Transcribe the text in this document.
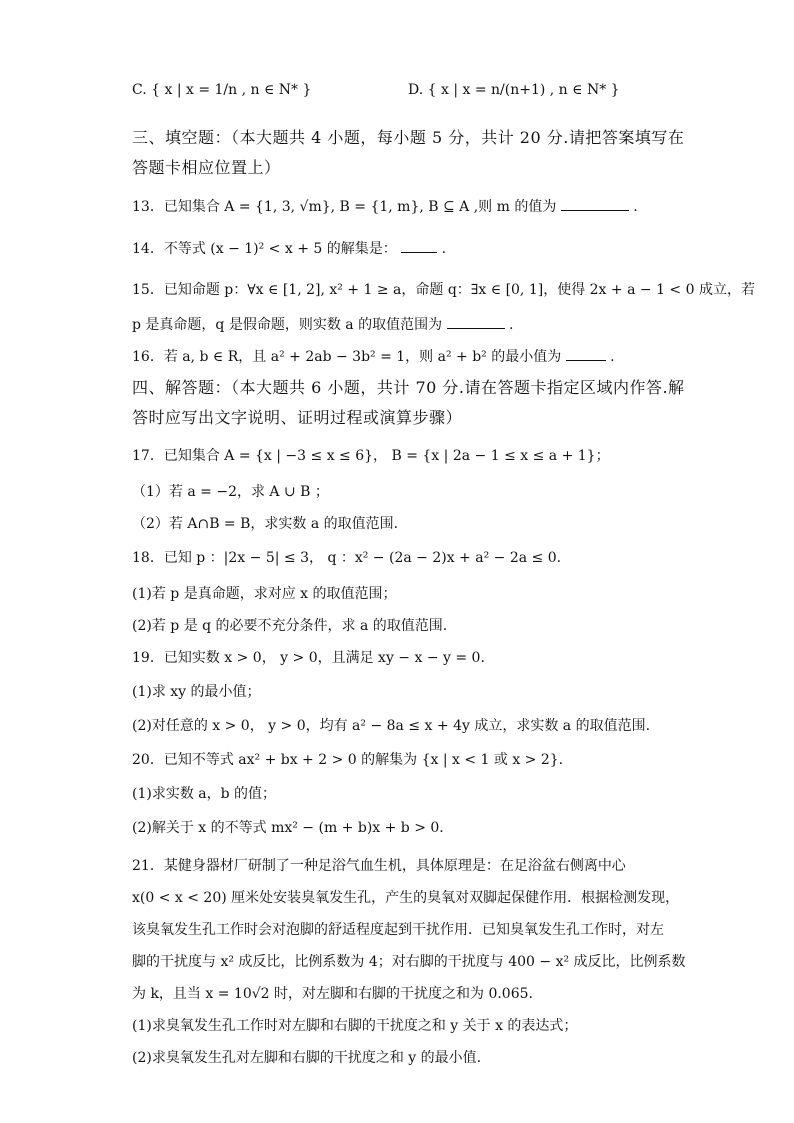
C. { x | x = 1/n , n ∈ N* }	D. { x | x = n/(n+1) , n ∈ N* }
三、填空题：（本大题共 4 小题，每小题 5 分，共计 20 分.请把答案填写在
答题卡相应位置上）
13．已知集合 A = {1, 3, √m}, B = {1, m}, B ⊆ A ,则 m 的值为	.
14．不等式 (x − 1)² < x + 5 的解集是：	.
15．已知命题 p：∀x ∈ [1, 2], x² + 1 ≥ a，命题 q：∃x ∈ [0, 1]，使得 2x + a − 1 < 0 成立，若
p 是真命题，q 是假命题，则实数 a 的取值范围为	.
16．若 a, b ∈ R，且 a² + 2ab − 3b² = 1，则 a² + b² 的最小值为	.
四、解答题：（本大题共 6 小题，共计 70 分.请在答题卡指定区域内作答.解
答时应写出文字说明、证明过程或演算步骤）
17．已知集合 A = {x | −3 ≤ x ≤ 6}， B = {x | 2a − 1 ≤ x ≤ a + 1}；
（1）若 a = −2，求 A ∪ B ；
（2）若 A∩B = B，求实数 a 的取值范围.
18．已知 p ：|2x − 5| ≤ 3， q ：x² − (2a − 2)x + a² − 2a ≤ 0.
(1)若 p 是真命题，求对应 x 的取值范围；
(2)若 p 是 q 的必要不充分条件，求 a 的取值范围.
19．已知实数 x > 0， y > 0，且满足 xy − x − y = 0.
(1)求 xy 的最小值；
(2)对任意的 x > 0， y > 0，均有 a² − 8a ≤ x + 4y 成立，求实数 a 的取值范围.
20．已知不等式 ax² + bx + 2 > 0 的解集为 {x | x < 1 或 x > 2}.
(1)求实数 a，b 的值；
(2)解关于 x 的不等式 mx² − (m + b)x + b > 0.
21．某健身器材厂研制了一种足浴气血生机，具体原理是：在足浴盆右侧离中心
x(0 < x < 20) 厘米处安装臭氧发生孔，产生的臭氧对双脚起保健作用．根据检测发现，
该臭氧发生孔工作时会对泡脚的舒适程度起到干扰作用．已知臭氧发生孔工作时，对左
脚的干扰度与 x² 成反比，比例系数为 4；对右脚的干扰度与 400 − x² 成反比，比例系数
为 k，且当 x = 10√2 时，对左脚和右脚的干扰度之和为 0.065.
(1)求臭氧发生孔工作时对左脚和右脚的干扰度之和 y 关于 x 的表达式；
(2)求臭氧发生孔对左脚和右脚的干扰度之和 y 的最小值.
